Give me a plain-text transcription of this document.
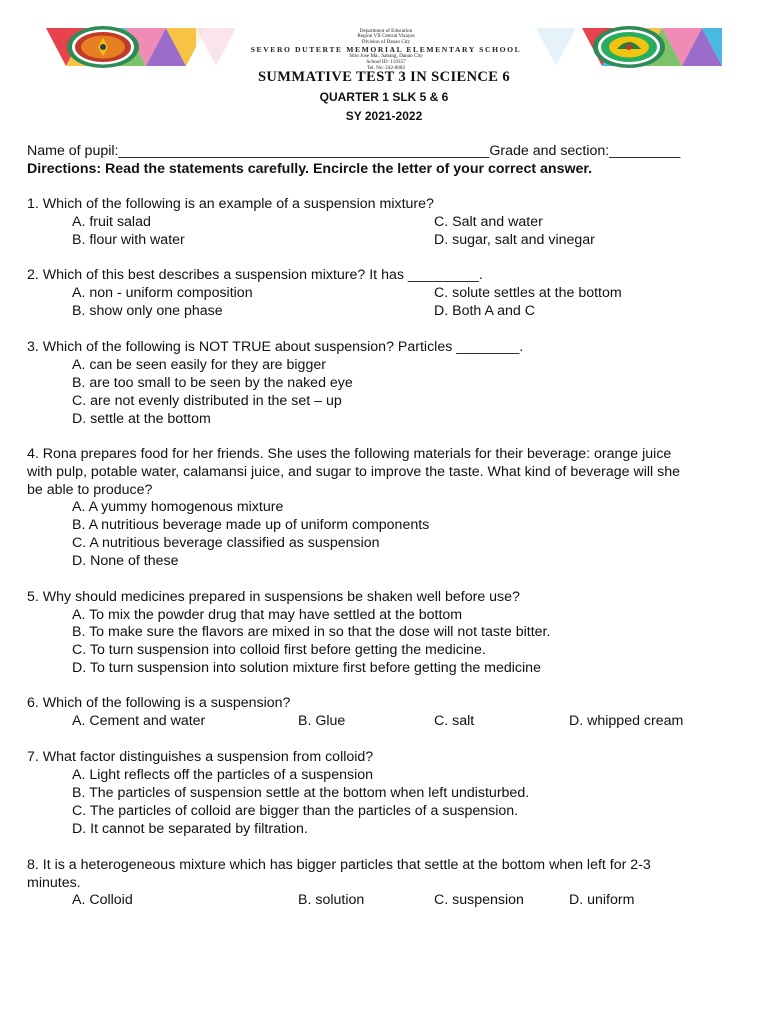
Department of Education
Region VII Central Visayas
Division of Danao City
SEVERO DUTERTE MEMORIAL ELEMENTARY SCHOOL
Sitio Jose Ma., Sabang, Danao City
School ID: 119357
Tel. No: 242-0082
SUMMATIVE TEST 3 IN SCIENCE 6
QUARTER 1 SLK 5 & 6
SY 2021-2022
Name of pupil:_______________________________________________Grade and section:_________
Directions: Read the statements carefully. Encircle the letter of your correct answer.
1. Which of the following is an example of a suspension mixture?
A. fruit salad	C. Salt and water
B. flour with water	D. sugar, salt and vinegar
2. Which of this best describes a suspension mixture? It has _________.
A. non - uniform composition	C. solute settles at the bottom
B. show only one phase	D. Both A and C
3. Which of the following is NOT TRUE about suspension? Particles ________.
A. can be seen easily for they are bigger
B. are too small to be seen by the naked eye
C. are not evenly distributed in the set – up
D. settle at the bottom
4. Rona prepares food for her friends. She uses the following materials for their beverage: orange juice
with pulp, potable water, calamansi juice, and sugar to improve the taste. What kind of beverage will she
be able to produce?
A. A yummy homogenous mixture
B. A nutritious beverage made up of uniform components
C. A nutritious beverage classified as suspension
D. None of these
5. Why should medicines prepared in suspensions be shaken well before use?
A. To mix the powder drug that may have settled at the bottom
B. To make sure the flavors are mixed in so that the dose will not taste bitter.
C. To turn suspension into colloid first before getting the medicine.
D. To turn suspension into solution mixture first before getting the medicine
6. Which of the following is a suspension?
A. Cement and water	B. Glue	C. salt	D. whipped cream
7. What factor distinguishes a suspension from colloid?
A. Light reflects off the particles of a suspension
B. The particles of suspension settle at the bottom when left undisturbed.
C. The particles of colloid are bigger than the particles of a suspension.
D. It cannot be separated by filtration.
8. It is a heterogeneous mixture which has bigger particles that settle at the bottom when left for 2-3
minutes.
A. Colloid	B. solution	C. suspension	D. uniform
